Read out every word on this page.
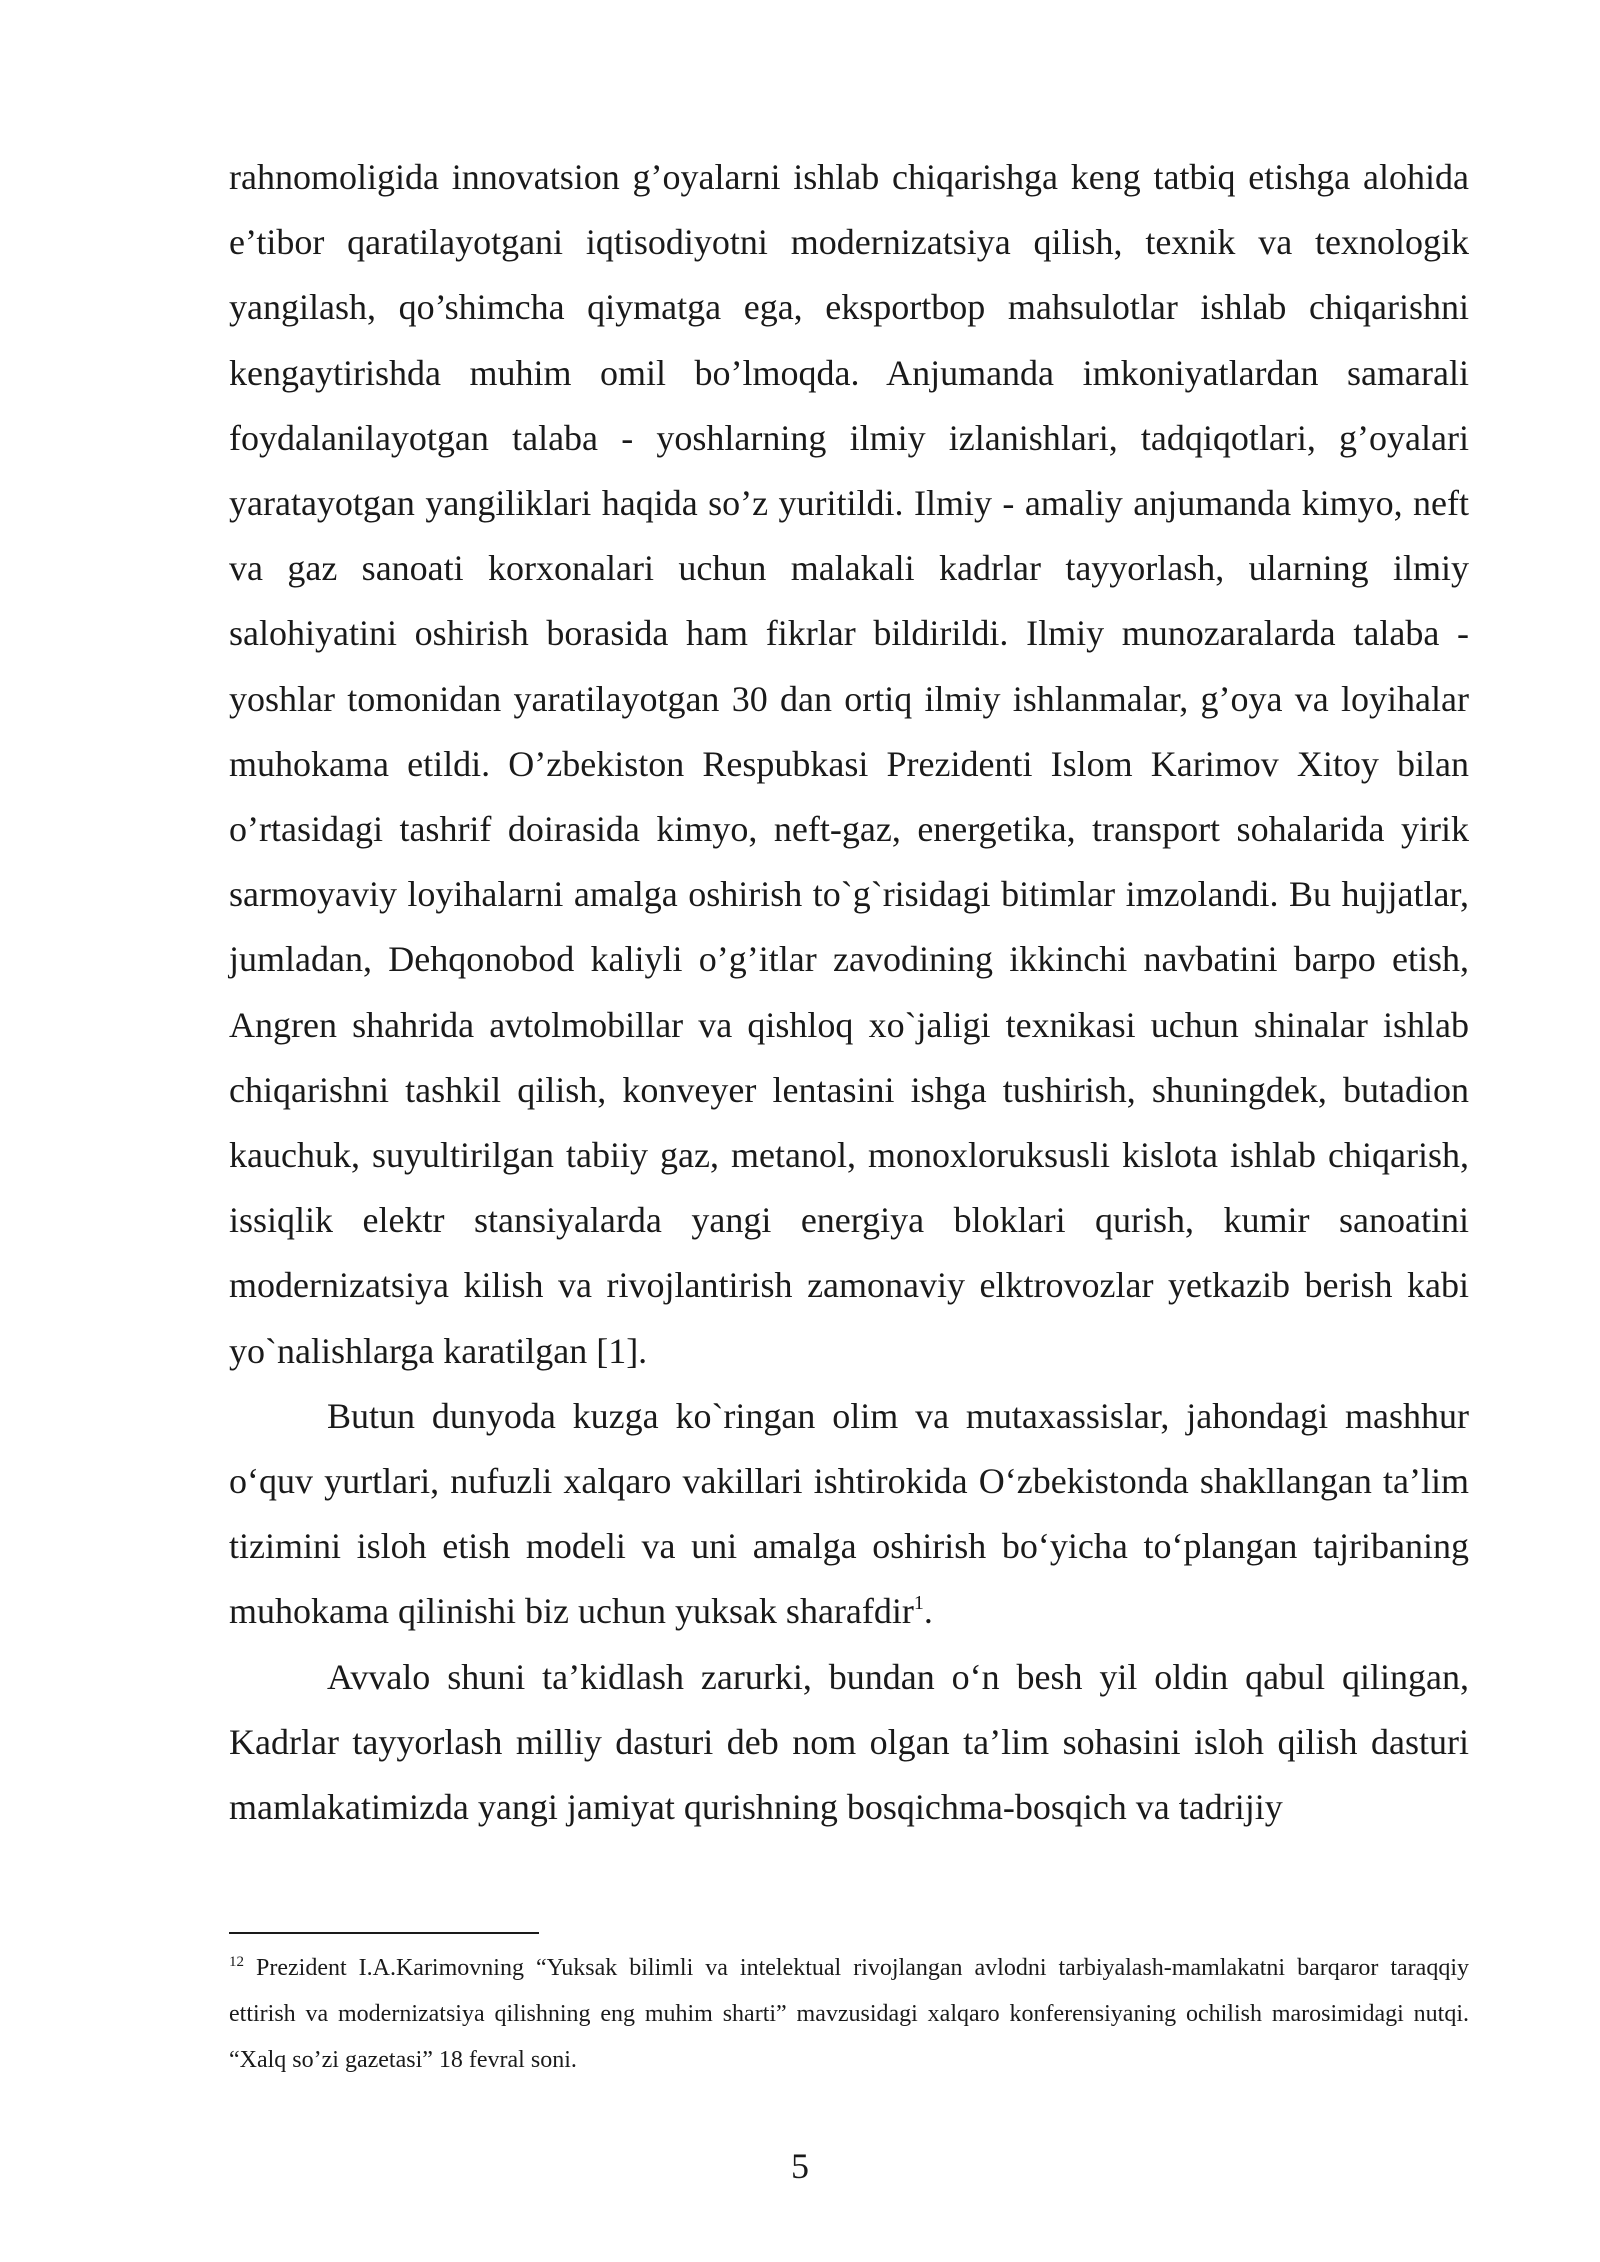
rahnomoligida innovatsion g’oyalarni ishlab chiqarishga keng tatbiq etishga alohida e’tibor qaratilayotgani iqtisodiyotni modernizatsiya qilish, texnik va texnologik yangilash, qo’shimcha qiymatga ega, eksportbop mahsulotlar ishlab chiqarishni kengaytirishda muhim omil bo’lmoqda. Anjumanda imkoniyatlardan samarali foydalanilayotgan talaba - yoshlarning ilmiy izlanishlari, tadqiqotlari, g’oyalari yaratayotgan yangiliklari haqida so’z yuritildi. Ilmiy - amaliy anjumanda kimyo, neft va gaz sanoati korxonalari uchun malakali kadrlar tayyorlash, ularning ilmiy salohiyatini oshirish borasida ham fikrlar bildirildi. Ilmiy munozaralarda talaba -yoshlar tomonidan yaratilayotgan 30 dan ortiq ilmiy ishlanmalar, g’oya va loyihalar muhokama etildi. O’zbekiston Respubkasi Prezidenti Islom Karimov Xitoy bilan o’rtasidagi tashrif doirasida kimyo, neft-gaz, energetika, transport sohalarida yirik sarmoyaviy loyihalarni amalga oshirish to`g`risidagi bitimlar imzolandi. Bu hujjatlar, jumladan, Dehqonobod kaliyli o’g’itlar zavodining ikkinchi navbatini barpo etish, Angren shahrida avtolmobillar va qishloq xo`jaligi texnikasi uchun shinalar ishlab chiqarishni tashkil qilish, konveyer lentasini ishga tushirish, shuningdek, butadion kauchuk, suyultirilgan tabiiy gaz, metanol, monoxloruksusli kislota ishlab chiqarish, issiqlik elektr stansiyalarda yangi energiya bloklari qurish, kumir sanoatini modernizatsiya kilish va rivojlantirish zamonaviy elktrovozlar yetkazib berish kabi yo`nalishlarga karatilgan [1].

Butun dunyoda kuzga ko`ringan olim va mutaxassislar, jahondagi mashhur o‘quv yurtlari, nufuzli xalqaro vakillari ishtirokida O‘zbekistonda shakllangan ta’lim tizimini isloh etish modeli va uni amalga oshirish bo‘yicha to‘plangan tajribaning muhokama qilinishi biz uchun yuksak sharafdir$^1$.

Avvalo shuni ta’kidlash zarurki, bundan o‘n besh yil oldin qabul qilingan, Kadrlar tayyorlash milliy dasturi deb nom olgan ta’lim sohasini isloh qilish dasturi mamlakatimizda yangi jamiyat qurishning bosqichma-bosqich va tadrijiy

$^{12}$ Prezident I.A.Karimovning “Yuksak bilimli va intelektual rivojlangan avlodni tarbiyalash-mamlakatni barqaror taraqqiy ettirish va modernizatsiya qilishning eng muhim sharti” mavzusidagi xalqaro konferensiyaning ochilish marosimidagi nutqi. “Xalq so’zi gazetasi” 18 fevral soni.
5
